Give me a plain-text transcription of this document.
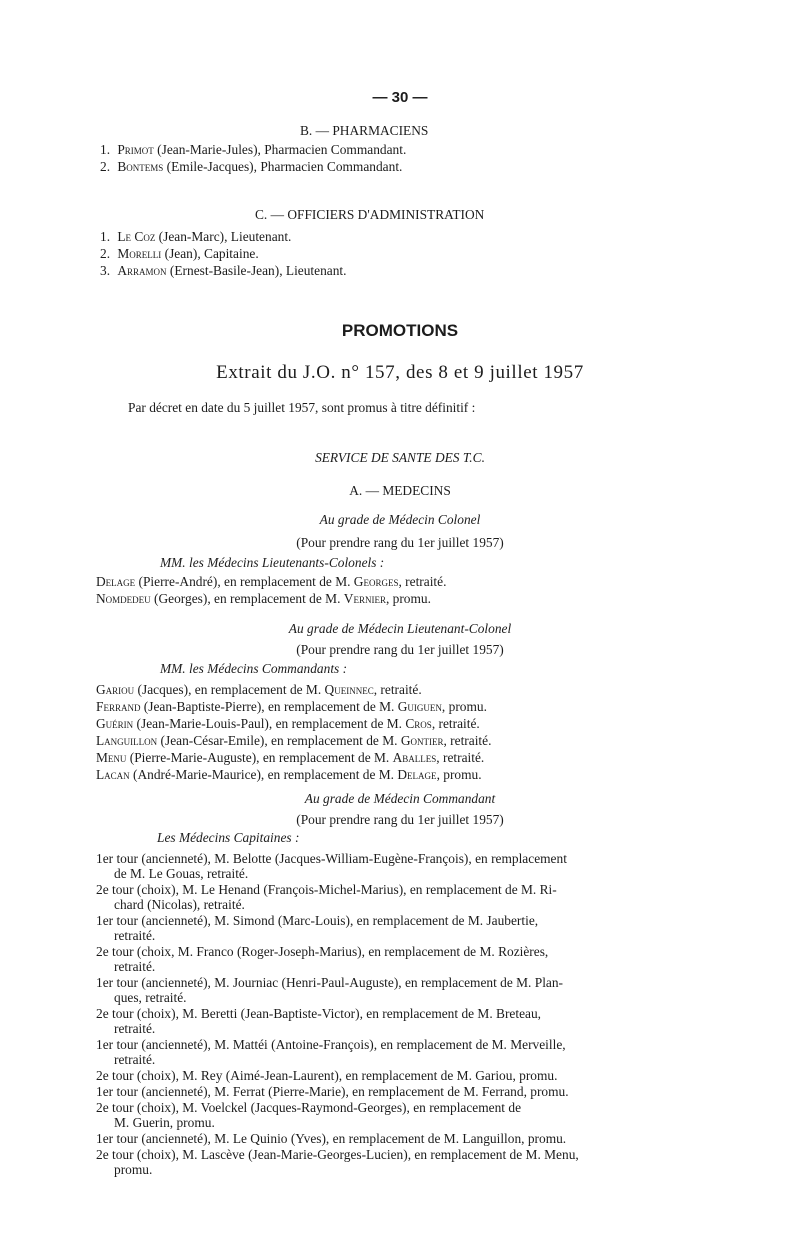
— 30 —
B. — PHARMACIENS
1. Primot (Jean-Marie-Jules), Pharmacien Commandant.
2. Bontems (Emile-Jacques), Pharmacien Commandant.
C. — OFFICIERS D'ADMINISTRATION
1. Le Coz (Jean-Marc), Lieutenant.
2. Morelli (Jean), Capitaine.
3. Arramon (Ernest-Basile-Jean), Lieutenant.
PROMOTIONS
Extrait du J.O. n° 157, des 8 et 9 juillet 1957
Par décret en date du 5 juillet 1957, sont promus à titre définitif :
SERVICE DE SANTE DES T.C.
A. — MEDECINS
Au grade de Médecin Colonel
(Pour prendre rang du 1er juillet 1957)
MM. les Médecins Lieutenants-Colonels :
Delage (Pierre-André), en remplacement de M. Georges, retraité.
Nomdedeu (Georges), en remplacement de M. Vernier, promu.
Au grade de Médecin Lieutenant-Colonel
(Pour prendre rang du 1er juillet 1957)
MM. les Médecins Commandants :
Gariou (Jacques), en remplacement de M. Queinnec, retraité.
Ferrand (Jean-Baptiste-Pierre), en remplacement de M. Guiguen, promu.
Guérin (Jean-Marie-Louis-Paul), en remplacement de M. Cros, retraité.
Languillon (Jean-César-Emile), en remplacement de M. Gontier, retraité.
Menu (Pierre-Marie-Auguste), en remplacement de M. Aballes, retraité.
Lacan (André-Marie-Maurice), en remplacement de M. Delage, promu.
Au grade de Médecin Commandant
(Pour prendre rang du 1er juillet 1957)
Les Médecins Capitaines :
1er tour (ancienneté), M. Belotte (Jacques-William-Eugène-François), en remplacement
de M. Le Gouas, retraité.
2e tour (choix), M. Le Henand (François-Michel-Marius), en remplacement de M. Ri-
chard (Nicolas), retraité.
1er tour (ancienneté), M. Simond (Marc-Louis), en remplacement de M. Jaubertie,
retraité.
2e tour (choix, M. Franco (Roger-Joseph-Marius), en remplacement de M. Rozières,
retraité.
1er tour (ancienneté), M. Journiac (Henri-Paul-Auguste), en remplacement de M. Plan-
ques, retraité.
2e tour (choix), M. Beretti (Jean-Baptiste-Victor), en remplacement de M. Breteau,
retraité.
1er tour (ancienneté), M. Mattéi (Antoine-François), en remplacement de M. Merveille,
retraité.
2e tour (choix), M. Rey (Aimé-Jean-Laurent), en remplacement de M. Gariou, promu.
1er tour (ancienneté), M. Ferrat (Pierre-Marie), en remplacement de M. Ferrand, promu.
2e tour (choix), M. Voelckel (Jacques-Raymond-Georges), en remplacement de
M. Guerin, promu.
1er tour (ancienneté), M. Le Quinio (Yves), en remplacement de M. Languillon, promu.
2e tour (choix), M. Lascève (Jean-Marie-Georges-Lucien), en remplacement de M. Menu,
promu.
